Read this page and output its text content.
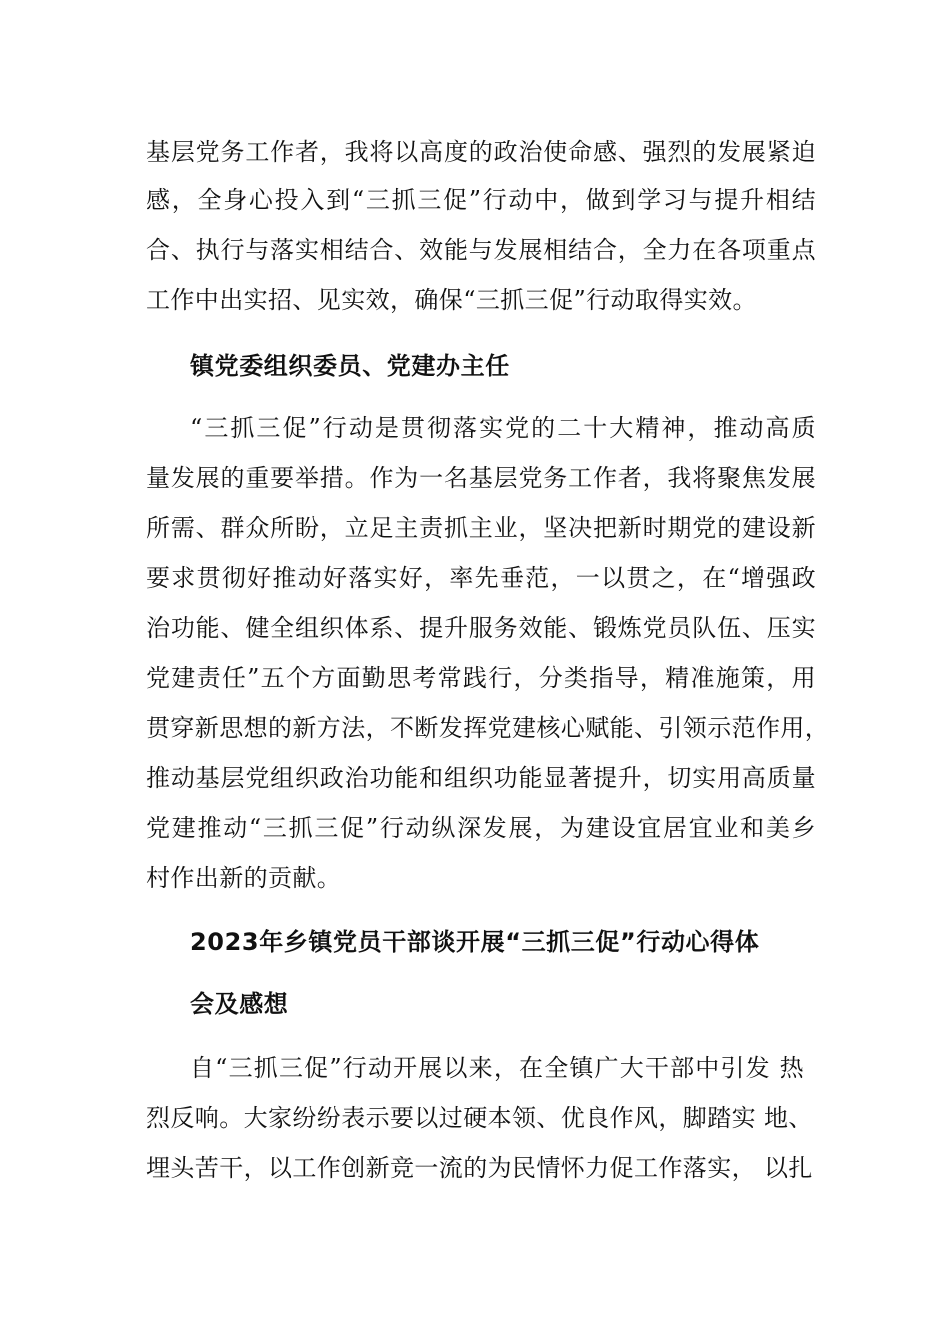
基层党务工作者，我将以高度的政治使命感、强烈的发展紧迫
感，全身心投入到“三抓三促”行动中，做到学习与提升相结
合、执行与落实相结合、效能与发展相结合，全力在各项重点
工作中出实招、见实效，确保“三抓三促”行动取得实效。
镇党委组织委员、党建办主任
“三抓三促”行动是贯彻落实党的二十大精神，推动高质
量发展的重要举措。作为一名基层党务工作者，我将聚焦发展
所需、群众所盼，立足主责抓主业，坚决把新时期党的建设新
要求贯彻好推动好落实好，率先垂范，一以贯之，在“增强政
治功能、健全组织体系、提升服务效能、锻炼党员队伍、压实
党建责任”五个方面勤思考常践行，分类指导，精准施策，用
贯穿新思想的新方法，不断发挥党建核心赋能、引领示范作用，
推动基层党组织政治功能和组织功能显著提升，切实用高质量
党建推动“三抓三促”行动纵深发展，为建设宜居宜业和美乡
村作出新的贡献。
2023年乡镇党员干部谈开展“三抓三促”行动心得体
会及感想
自“三抓三促”行动开展以来，在全镇广大干部中引发 热
烈反响。大家纷纷表示要以过硬本领、优良作风，脚踏实 地、
埋头苦干，以工作创新竞一流的为民情怀力促工作落实， 以扎
